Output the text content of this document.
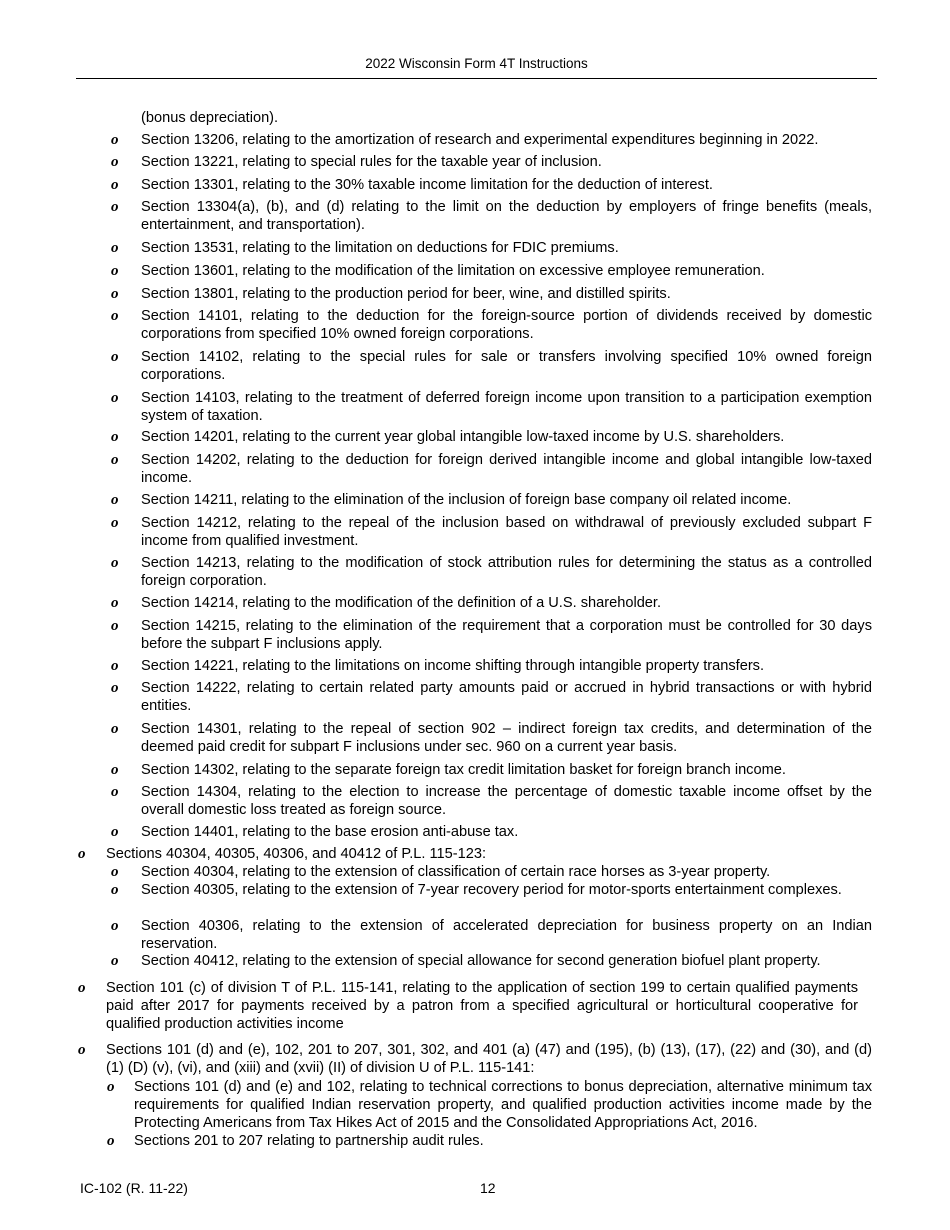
2022 Wisconsin Form 4T Instructions
(bonus depreciation).
o Section 13206, relating to the amortization of research and experimental expenditures beginning in 2022.
o Section 13221, relating to special rules for the taxable year of inclusion.
o Section 13301, relating to the 30% taxable income limitation for the deduction of interest.
o Section 13304(a), (b), and (d) relating to the limit on the deduction by employers of fringe benefits (meals, entertainment, and transportation).
o Section 13531, relating to the limitation on deductions for FDIC premiums.
o Section 13601, relating to the modification of the limitation on excessive employee remuneration.
o Section 13801, relating to the production period for beer, wine, and distilled spirits.
o Section 14101, relating to the deduction for the foreign-source portion of dividends received by domestic corporations from specified 10% owned foreign corporations.
o Section 14102, relating to the special rules for sale or transfers involving specified 10% owned foreign corporations.
o Section 14103, relating to the treatment of deferred foreign income upon transition to a participation exemption system of taxation.
o Section 14201, relating to the current year global intangible low-taxed income by U.S. shareholders.
o Section 14202, relating to the deduction for foreign derived intangible income and global intangible low-taxed income.
o Section 14211, relating to the elimination of the inclusion of foreign base company oil related income.
o Section 14212, relating to the repeal of the inclusion based on withdrawal of previously excluded subpart F income from qualified investment.
o Section 14213, relating to the modification of stock attribution rules for determining the status as a controlled foreign corporation.
o Section 14214, relating to the modification of the definition of a U.S. shareholder.
o Section 14215, relating to the elimination of the requirement that a corporation must be controlled for 30 days before the subpart F inclusions apply.
o Section 14221, relating to the limitations on income shifting through intangible property transfers.
o Section 14222, relating to certain related party amounts paid or accrued in hybrid transactions or with hybrid entities.
o Section 14301, relating to the repeal of section 902 – indirect foreign tax credits, and determination of the deemed paid credit for subpart F inclusions under sec. 960 on a current year basis.
o Section 14302, relating to the separate foreign tax credit limitation basket for foreign branch income.
o Section 14304, relating to the election to increase the percentage of domestic taxable income offset by the overall domestic loss treated as foreign source.
o Section 14401, relating to the base erosion anti-abuse tax.
o Sections 40304, 40305, 40306, and 40412 of P.L. 115-123:
o Section 40304, relating to the extension of classification of certain race horses as 3-year property.
o Section 40305, relating to the extension of 7-year recovery period for motor-sports entertainment complexes.
o Section 40306, relating to the extension of accelerated depreciation for business property on an Indian reservation.
o Section 40412, relating to the extension of special allowance for second generation biofuel plant property.
o Section 101 (c) of division T of P.L. 115-141, relating to the application of section 199 to certain qualified payments paid after 2017 for payments received by a patron from a specified agricultural or horticultural cooperative for qualified production activities income
o Sections 101 (d) and (e), 102, 201 to 207, 301, 302, and 401 (a) (47) and (195), (b) (13), (17), (22) and (30), and (d) (1) (D) (v), (vi), and (xiii) and (xvii) (II) of division U of P.L. 115-141:
o Sections 101 (d) and (e) and 102, relating to technical corrections to bonus depreciation, alternative minimum tax requirements for qualified Indian reservation property, and qualified production activities income made by the Protecting Americans from Tax Hikes Act of 2015 and the Consolidated Appropriations Act, 2016.
o Sections 201 to 207 relating to partnership audit rules.
IC-102 (R. 11-22)	12
